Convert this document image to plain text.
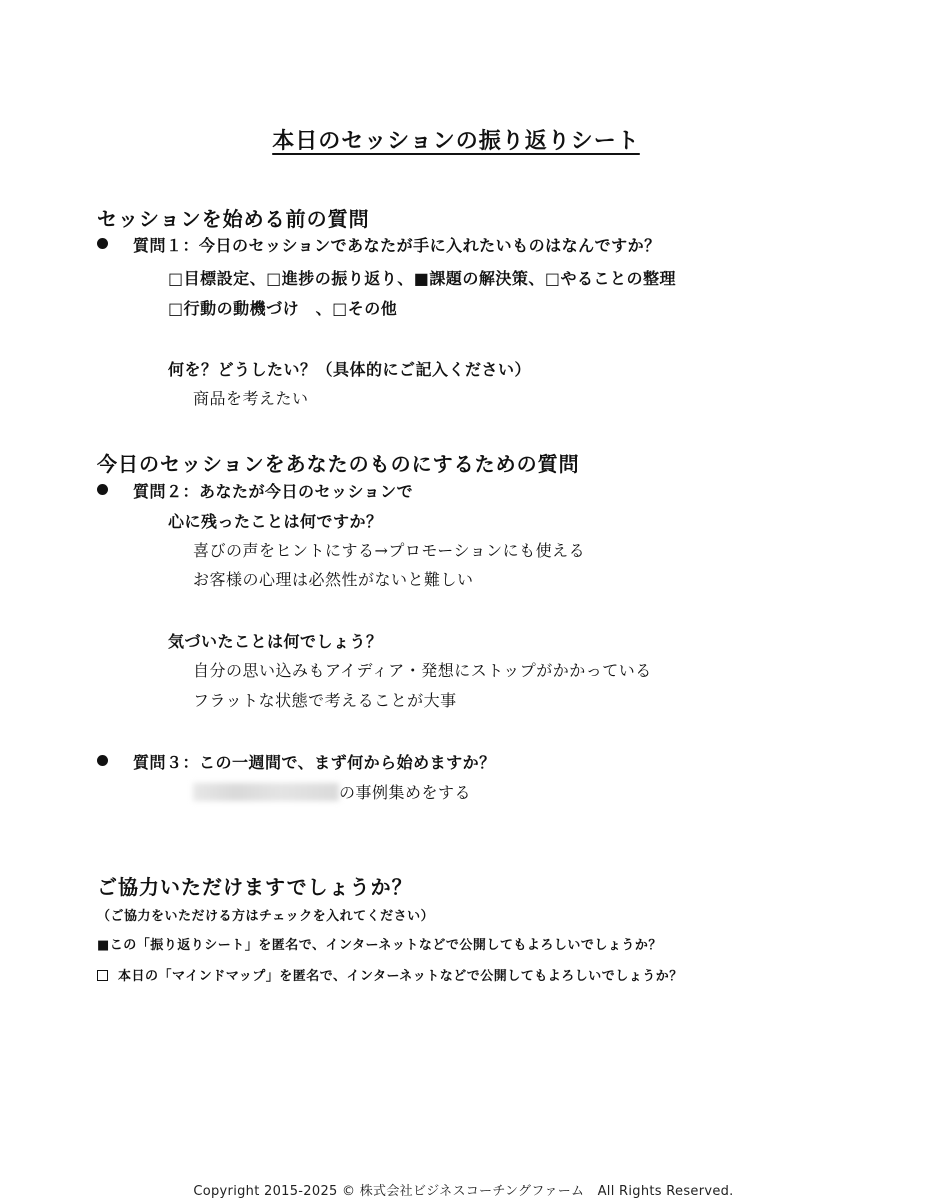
本日のセッションの振り返りシート
セッションを始める前の質問
質問１：今日のセッションであなたが手に入れたいものはなんですか？
□目標設定、□進捗の振り返り、■課題の解決策、□やることの整理
□行動の動機づけ　、□その他
何を？どうしたい？（具体的にご記入ください）
商品を考えたい
今日のセッションをあなたのものにするための質問
質問２：あなたが今日のセッションで
心に残ったことは何ですか？
喜びの声をヒントにする→プロモーションにも使える
お客様の心理は必然性がないと難しい
気づいたことは何でしょう？
自分の思い込みもアイディア・発想にストップがかかっている
フラットな状態で考えることが大事
質問３：この一週間で、まず何から始めますか？
の事例集めをする
ご協力いただけますでしょうか？
（ご協力をいただける方はチェックを入れてください）
■この「振り返りシート」を匿名で、インターネットなどで公開してもよろしいでしょうか？
本日の「マインドマップ」を匿名で、インターネットなどで公開してもよろしいでしょうか？
Copyright 2015-2025 © 株式会社ビジネスコーチングファーム　All Rights Reserved.
